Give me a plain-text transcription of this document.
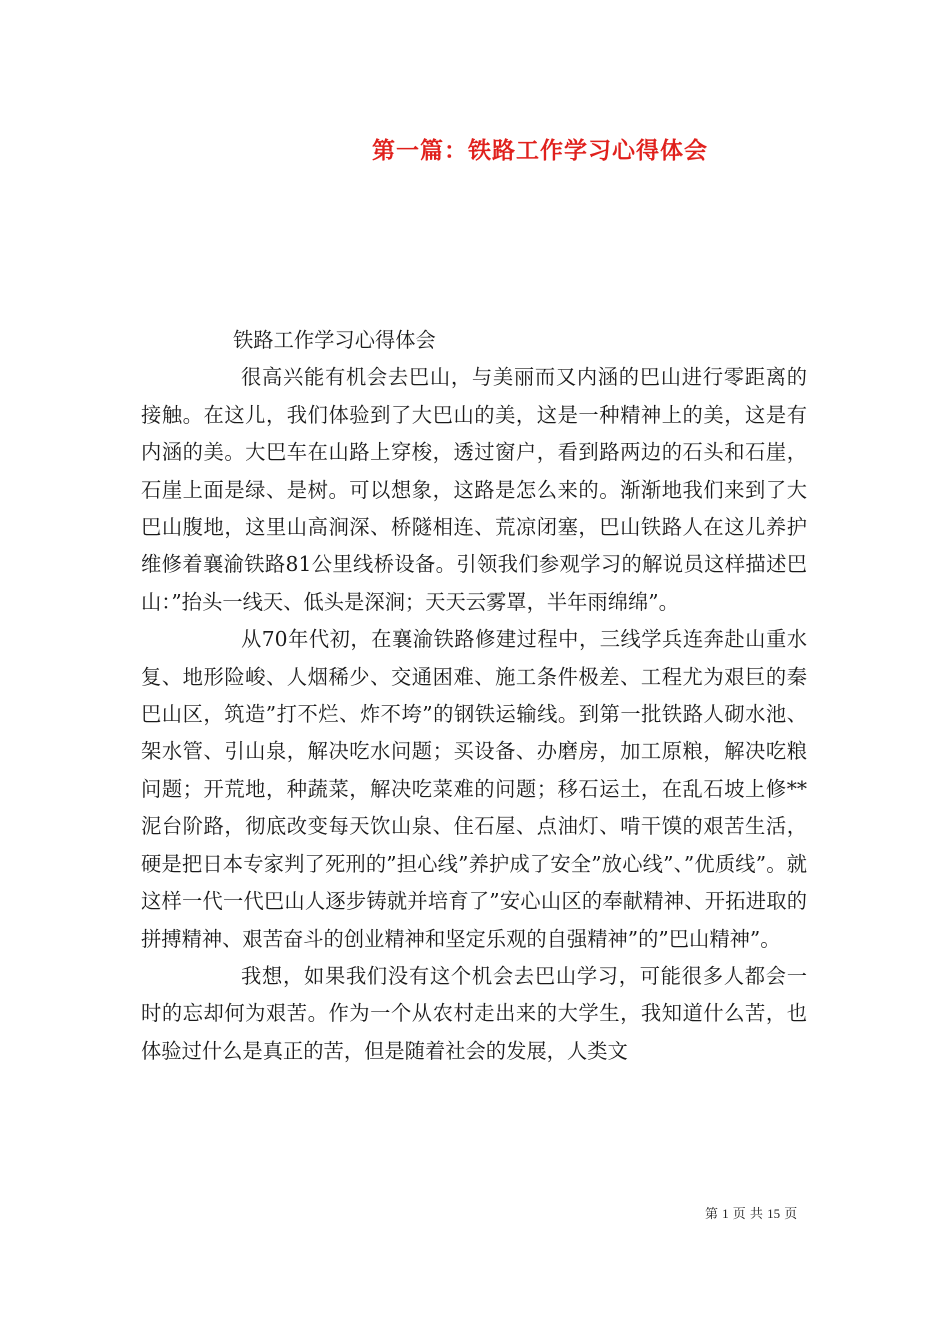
第一篇：铁路工作学习心得体会

铁路工作学习心得体会

很高兴能有机会去巴山，与美丽而又内涵的巴山进行零距离的接触。在这儿，我们体验到了大巴山的美，这是一种精神上的美，这是有内涵的美。大巴车在山路上穿梭，透过窗户，看到路两边的石头和石崖，石崖上面是绿、是树。可以想象，这路是怎么来的。渐渐地我们来到了大巴山腹地，这里山高涧深、桥隧相连、荒凉闭塞，巴山铁路人在这儿养护维修着襄渝铁路81公里线桥设备。引领我们参观学习的解说员这样描述巴山：”抬头一线天、低头是深涧；天天云雾罩，半年雨绵绵”。

从70年代初，在襄渝铁路修建过程中，三线学兵连奔赴山重水复、地形险峻、人烟稀少、交通困难、施工条件极差、工程尤为艰巨的秦巴山区，筑造”打不烂、炸不垮”的钢铁运输线。到第一批铁路人砌水池、架水管、引山泉，解决吃水问题；买设备、办磨房，加工原粮，解决吃粮问题；开荒地，种蔬菜，解决吃菜难的问题；移石运土，在乱石坡上修**泥台阶路，彻底改变每天饮山泉、住石屋、点油灯、啃干馍的艰苦生活，硬是把日本专家判了死刑的”担心线”养护成了安全”放心线”、”优质线”。就这样一代一代巴山人逐步铸就并培育了”安心山区的奉献精神、开拓进取的拼搏精神、艰苦奋斗的创业精神和坚定乐观的自强精神”的”巴山精神”。

我想，如果我们没有这个机会去巴山学习，可能很多人都会一时的忘却何为艰苦。作为一个从农村走出来的大学生，我知道什么苦，也体验过什么是真正的苦，但是随着社会的发展，人类文

第 1 页 共 15 页
